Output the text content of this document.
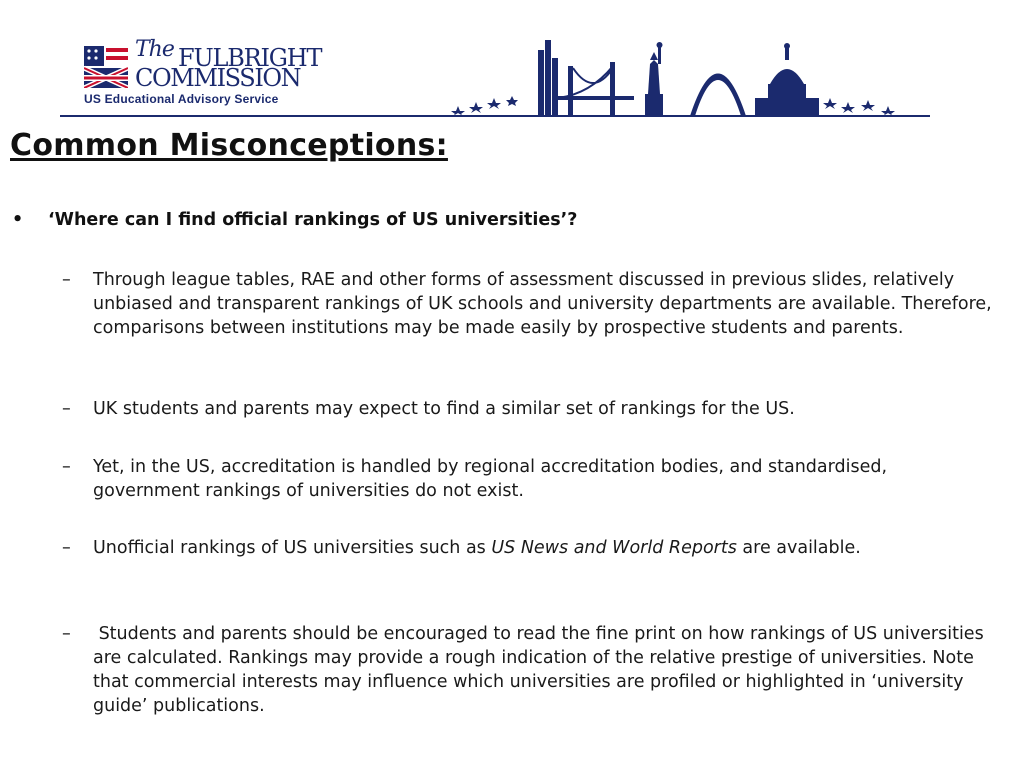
The FULBRIGHT
COMMISSION
US Educational Advisory Service
Common Misconceptions:
• ‘Where can I find official rankings of US universities’?
– Through league tables, RAE and other forms of assessment discussed in previous slides, relatively unbiased and transparent rankings of UK schools and university departments are available. Therefore, comparisons between institutions may be made easily by prospective students and parents.
– UK students and parents may expect to find a similar set of rankings for the US.
– Yet, in the US, accreditation is handled by regional accreditation bodies, and standardised, government rankings of universities do not exist.
– Unofficial rankings of US universities such as US News and World Reports are available.
– Students and parents should be encouraged to read the fine print on how rankings of US universities are calculated. Rankings may provide a rough indication of the relative prestige of universities. Note that commercial interests may influence which universities are profiled or highlighted in ‘university guide’ publications.
